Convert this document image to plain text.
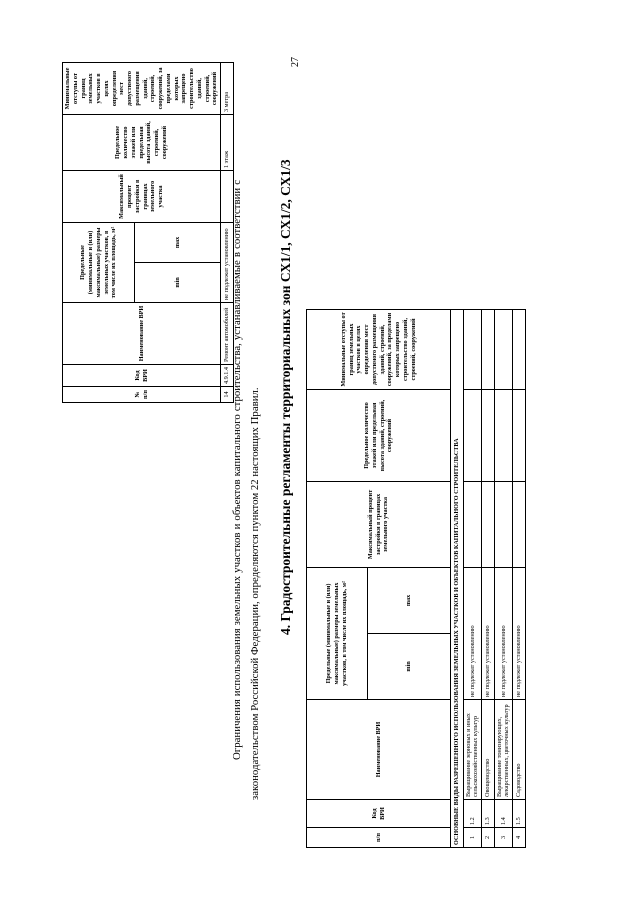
27
№ п/п	Код ВРИ	Наименование ВРИ	Предельные (минимальные и (или) максимальные) размеры земельных участков, в том числе их площадь, м²		Максимальный процент застройки в границах земельного участка	Предельное количество этажей или предельная высота зданий, строений, сооружений	Минимальные отступы от границ земельных участков в целях определения мест допустимого размещения зданий, строений, сооружений, за пределами которых запрещено строительство зданий, строений, сооружений
			min	max			
14	4.9.1.4	Ремонт автомобилей	не подлежат установлению			1 этаж	3 метра

Ограничения использования земельных участков и объектов капитального строительства, устанавливаемые в соответствии с законодательством Российской Федерации, определяются пунктом 22 настоящих Правил. 4. Градостроительные регламенты территориальных зон СХ1/1, СХ1/2, СХ1/3
п/п	Код ВРИ	Наименование ВРИ	Предельные (минимальные и (или) максимальные) размеры земельных участков, в том числе их площадь, м²		Максимальный процент застройки в границах земельного участка	Предельное количество этажей или предельная высота зданий, строений, сооружений	Минимальные отступы от границ земельных участков в целях определения мест допустимого размещения зданий, строений, сооружений, за пределами которых запрещено строительство зданий, строений, сооружений
			min	max			
ОСНОВНЫЕ ВИДЫ РАЗРЕШЕННОГО ИСПОЛЬЗОВАНИЯ ЗЕМЕЛЬНЫХ УЧАСТКОВ И ОБЪЕКТОВ КАПИТАЛЬНОГО СТРОИТЕЛЬСТВА							
1	1.2	Выращивание зерновых и иных сельскохозяйственных культур	не подлежат установлению				
2	1.3	Овощеводство	не подлежат установлению				
3	1.4	Выращивание тонизирующих, лекарственных, цветочных культур	не подлежат установлению				
4	1.5	Садоводство	не подлежат установлению				
